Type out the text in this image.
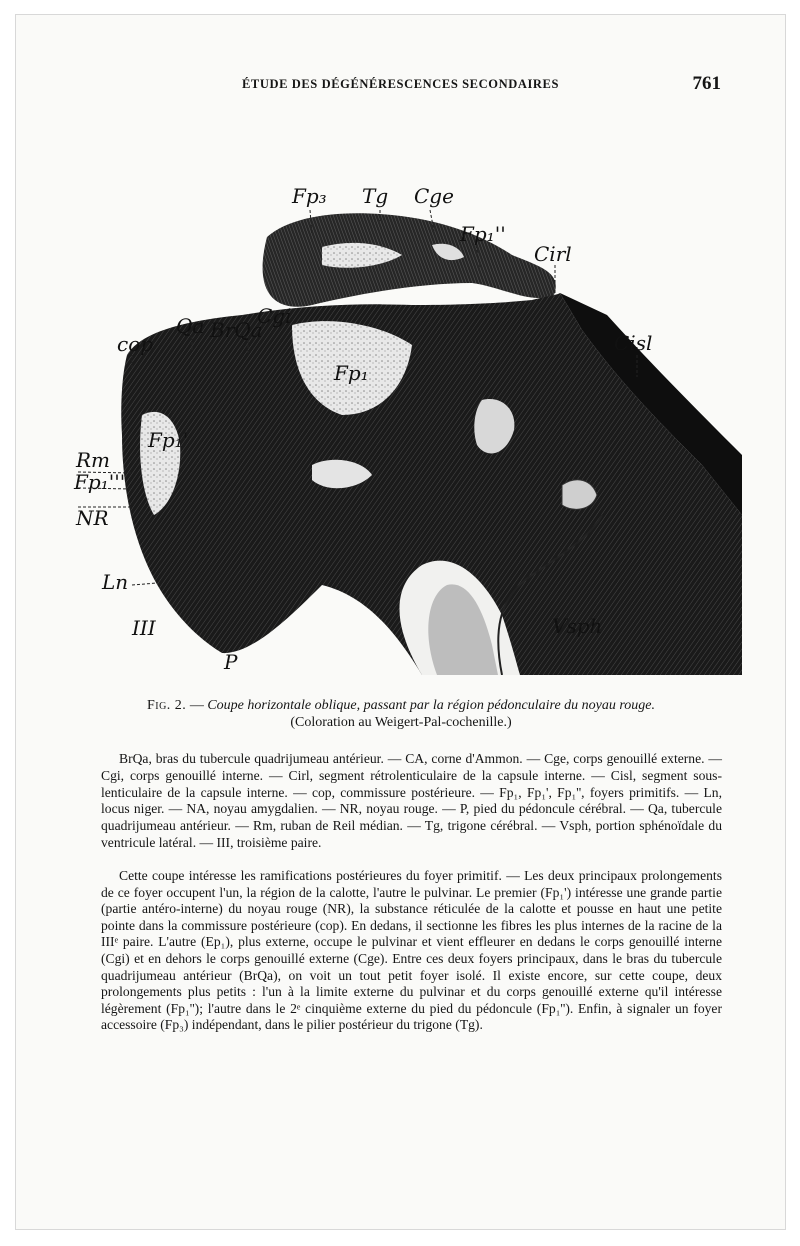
ÉTUDE DES DÉGÉNÉRESCENCES SECONDAIRES	761
Fp₃ Tg Cge
Fp₁''
Cirl
Qa BrQa
Cgi
cop	Cisl
Fp₁
Fp₁'
Rm
Fp₁'''
NR
Ln
III	Vsph
P
Fig. 2. — Coupe horizontale oblique, passant par la région pédonculaire du noyau rouge.
(Coloration au Weigert-Pal-cochenille.)

BrQa, bras du tubercule quadrijumeau antérieur. — CA, corne d'Ammon. — Cge, corps genouillé externe. — Cgi, corps genouillé interne. — Cirl, segment rétrolenticulaire de la capsule interne. — Cisl, segment sous-lenticulaire de la capsule interne. — cop, commissure postérieure. — Fp₁, Fp₁', Fp₁'', foyers primitifs. — Ln, locus niger. — NA, noyau amygdalien. — NR, noyau rouge. — P, pied du pédoncule cérébral. — Qa, tubercule quadrijumeau antérieur. — Rm, ruban de Reil médian. — Tg, trigone cérébral. — Vsph, portion sphénoïdale du ventricule latéral. — III, troisième paire.

Cette coupe intéresse les ramifications postérieures du foyer primitif. — Les deux principaux prolongements de ce foyer occupent l'un, la région de la calotte, l'autre le pulvinar. Le premier (Fp₁') intéresse une grande partie (partie antéro-interne) du noyau rouge (NR), la substance réticulée de la calotte et pousse en haut une petite pointe dans la commissure postérieure (cop). En dedans, il sectionne les fibres les plus internes de la racine de la IIIᵉ paire. L'autre (Ep₁), plus externe, occupe le pulvinar et vient effleurer en dedans le corps genouillé interne (Cgi) et en dehors le corps genouillé externe (Cge). Entre ces deux foyers principaux, dans le bras du tubercule quadrijumeau antérieur (BrQa), on voit un tout petit foyer isolé. Il existe encore, sur cette coupe, deux prolongements plus petits : l'un à la limite externe du pulvinar et du corps genouillé externe qu'il intéresse légèrement (Fp₁''); l'autre dans le 2ᵉ cinquième externe du pied du pédoncule (Fp₁''). Enfin, à signaler un foyer accessoire (Fp₃) indépendant, dans le pilier postérieur du trigone (Tg).
